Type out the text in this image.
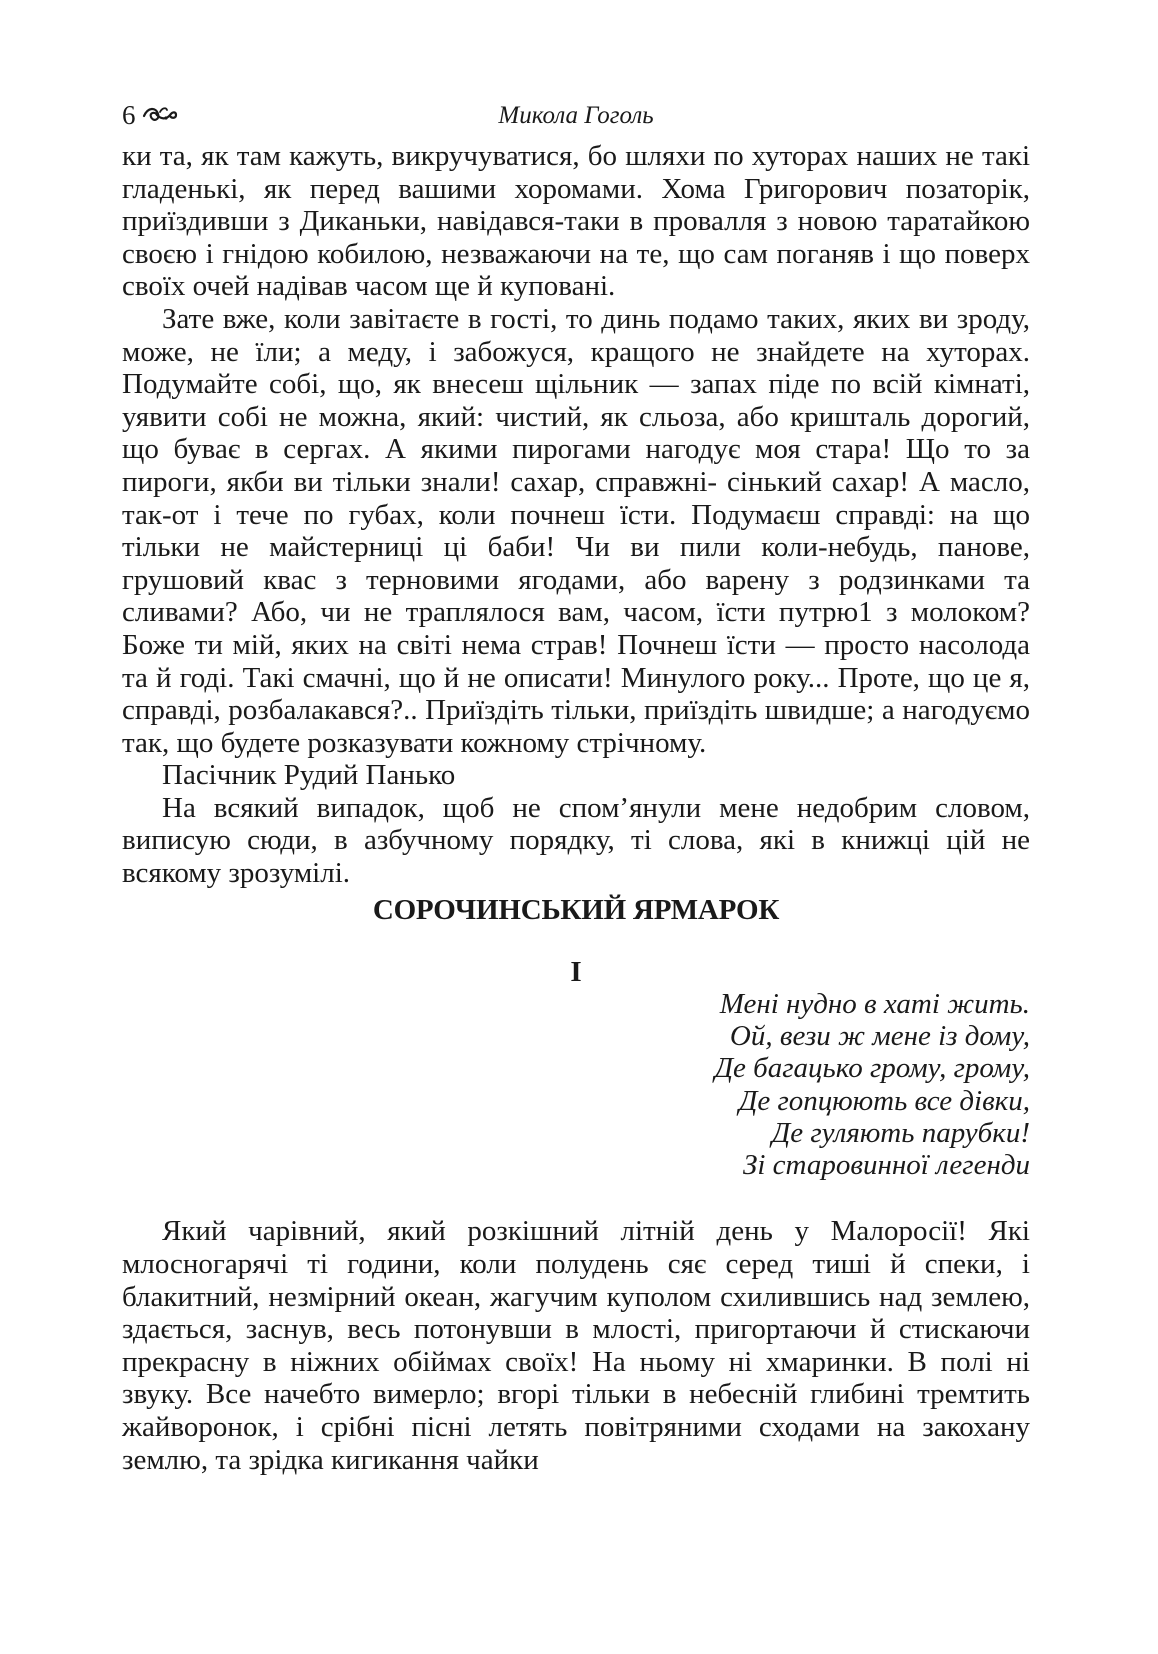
6	Микола Гоголь

ки та, як там кажуть, викручуватися, бо шляхи по хуторах наших не такі гладенькі, як перед вашими хоромами. Хома Григорович позаторік, приїздивши з Диканьки, навідався-таки в провалля з новою таратайкою своєю і гнідою кобилою, незважаючи на те, що сам поганяв і що поверх своїх очей надівав часом ще й куповані.

Зате вже, коли завітаєте в гості, то динь подамо таких, яких ви зроду, може, не їли; а меду, і забожуся, кращого не знайдете на хуторах. Подумайте собі, що, як внесеш щільник — запах піде по всій кімнаті, уявити собі не можна, який: чистий, як сльоза, або кришталь дорогий, що буває в сергах. А якими пирогами нагодує моя стара! Що то за пироги, якби ви тільки знали! сахар, справжні- сінький сахар! А масло, так-от і тече по губах, коли почнеш їсти. Подумаєш справді: на що тільки не майстерниці ці баби! Чи ви пили коли-небудь, панове, грушовий квас з терновими ягодами, або варену з родзинками та сливами? Або, чи не траплялося вам, часом, їсти путрю1 з молоком? Боже ти мій, яких на світі нема страв! Почнеш їсти — просто насолода та й годі. Такі смачні, що й не описати! Минулого року... Проте, що це я, справді, розбалакався?.. Приїздіть тільки, приїздіть швидше; а нагодуємо так, що будете розказувати кожному стрічному.

Пасічник Рудий Панько

На всякий випадок, щоб не спом’янули мене недобрим словом, виписую сюди, в азбучному порядку, ті слова, які в книжці цій не всякому зрозумілі.

СОРОЧИНСЬКИЙ ЯРМАРОК
I
Мені нудно в хаті жить.
Ой, вези ж мене із дому,
Де багацько грому, грому,
Де гопцюють все дівки,
Де гуляють парубки!
Зі старовинної легенди

Який чарівний, який розкішний літній день у Малоросії! Які млосногарячі ті години, коли полудень сяє серед тиші й спеки, і блакитний, незмірний океан, жагучим куполом схилившись над землею, здається, заснув, весь потонувши в млості, пригортаючи й стискаючи прекрасну в ніжних обіймах своїх! На ньому ні хмаринки. В полі ні звуку. Все начебто вимерло; вгорі тільки в небесній глибині тремтить жайворонок, і срібні пісні летять повітряними сходами на закохану землю, та зрідка кигикання чайки
